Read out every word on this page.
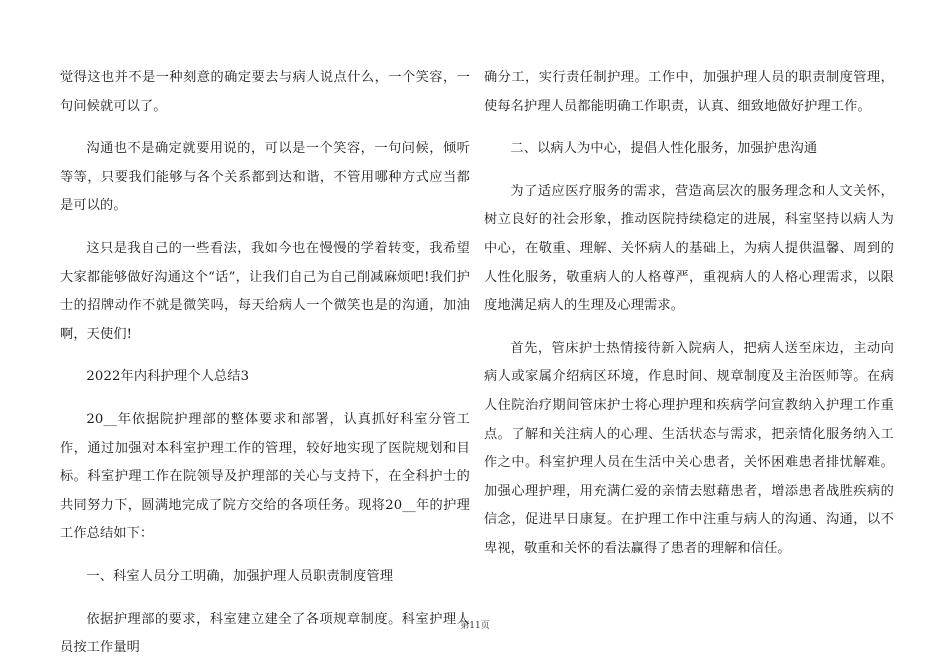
觉得这也并不是一种刻意的确定要去与病人说点什么，一个笑容，一句问候就可以了。

沟通也不是确定就要用说的，可以是一个笑容，一句问候，倾听等等，只要我们能够与各个关系都到达和谐，不管用哪种方式应当都是可以的。

这只是我自己的一些看法，我如今也在慢慢的学着转变，我希望大家都能够做好沟通这个“话”，让我们自己为自己削减麻烦吧!我们护士的招牌动作不就是微笑吗，每天给病人一个微笑也是的沟通，加油啊，天使们!

2022年内科护理个人总结3

20__年依据院护理部的整体要求和部署，认真抓好科室分管工作，通过加强对本科室护理工作的管理，较好地实现了医院规划和目标。科室护理工作在院领导及护理部的关心与支持下，在全科护士的共同努力下，圆满地完成了院方交给的各项任务。现将20__年的护理工作总结如下：

一、科室人员分工明确，加强护理人员职责制度管理

依据护理部的要求，科室建立建全了各项规章制度。科室护理人员按工作量明

确分工，实行责任制护理。工作中，加强护理人员的职责制度管理，使每名护理人员都能明确工作职责，认真、细致地做好护理工作。

二、以病人为中心，提倡人性化服务，加强护患沟通

为了适应医疗服务的需求，营造高层次的服务理念和人文关怀，树立良好的社会形象，推动医院持续稳定的进展，科室坚持以病人为中心，在敬重、理解、关怀病人的基础上，为病人提供温馨、周到的人性化服务，敬重病人的人格尊严，重视病人的人格心理需求，以限度地满足病人的生理及心理需求。

首先，管床护士热情接待新入院病人，把病人送至床边，主动向病人或家属介绍病区环境，作息时间、规章制度及主治医师等。在病人住院治疗期间管床护士将心理护理和疾病学问宣教纳入护理工作重点。了解和关注病人的心理、生活状态与需求，把亲情化服务纳入工作之中。科室护理人员在生活中关心患者，关怀困难患者排忧解难。加强心理护理，用充满仁爱的亲情去慰藉患者，增添患者战胜疾病的信念，促进早日康复。在护理工作中注重与病人的沟通、沟通，以不卑视，敬重和关怀的看法赢得了患者的理解和信任。

第11页
